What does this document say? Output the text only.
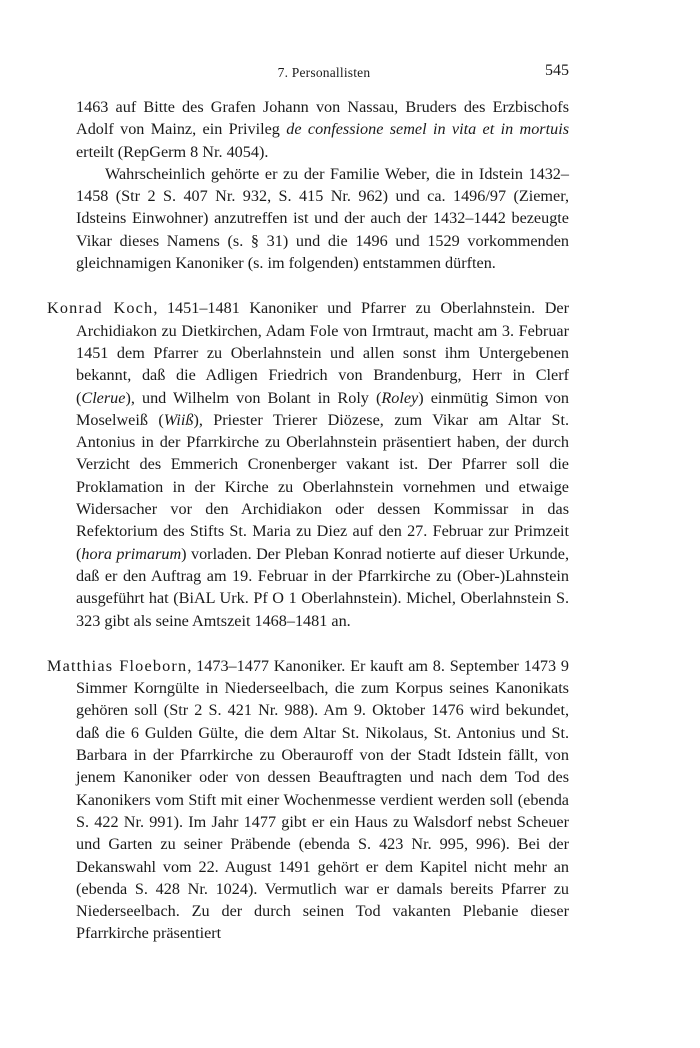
7. Personallisten	545

1463 auf Bitte des Grafen Johann von Nassau, Bruders des Erzbischofs Adolf von Mainz, ein Privileg de confessione semel in vita et in mortuis erteilt (RepGerm 8 Nr. 4054).

Wahrscheinlich gehörte er zu der Familie Weber, die in Idstein 1432–1458 (Str 2 S. 407 Nr. 932, S. 415 Nr. 962) und ca. 1496/97 (Ziemer, Idsteins Einwohner) anzutreffen ist und der auch der 1432–1442 bezeugte Vikar dieses Namens (s. § 31) und die 1496 und 1529 vorkommenden gleichnamigen Kanoniker (s. im folgenden) entstammen dürften.

Konrad Koch, 1451–1481 Kanoniker und Pfarrer zu Oberlahnstein. Der Archidiakon zu Dietkirchen, Adam Fole von Irmtraut, macht am 3. Februar 1451 dem Pfarrer zu Oberlahnstein und allen sonst ihm Untergebenen bekannt, daß die Adligen Friedrich von Brandenburg, Herr in Clerf (Clerue), und Wilhelm von Bolant in Roly (Roley) einmütig Simon von Moselweiß (Wiiß), Priester Trierer Diözese, zum Vikar am Altar St. Antonius in der Pfarrkirche zu Oberlahnstein präsentiert haben, der durch Verzicht des Emmerich Cronenberger vakant ist. Der Pfarrer soll die Proklamation in der Kirche zu Oberlahnstein vornehmen und etwaige Widersacher vor den Archidiakon oder dessen Kommissar in das Refektorium des Stifts St. Maria zu Diez auf den 27. Februar zur Primzeit (hora primarum) vorladen. Der Pleban Konrad notierte auf dieser Urkunde, daß er den Auftrag am 19. Februar in der Pfarrkirche zu (Ober-)Lahnstein ausgeführt hat (BiAL Urk. Pf O 1 Oberlahnstein). Michel, Oberlahnstein S. 323 gibt als seine Amtszeit 1468–1481 an.

Matthias Floeborn, 1473–1477 Kanoniker. Er kauft am 8. September 1473 9 Simmer Korngülte in Niederseelbach, die zum Korpus seines Kanonikats gehören soll (Str 2 S. 421 Nr. 988). Am 9. Oktober 1476 wird bekundet, daß die 6 Gulden Gülte, die dem Altar St. Nikolaus, St. Antonius und St. Barbara in der Pfarrkirche zu Oberauroff von der Stadt Idstein fällt, von jenem Kanoniker oder von dessen Beauftragten und nach dem Tod des Kanonikers vom Stift mit einer Wochenmesse verdient werden soll (ebenda S. 422 Nr. 991). Im Jahr 1477 gibt er ein Haus zu Walsdorf nebst Scheuer und Garten zu seiner Präbende (ebenda S. 423 Nr. 995, 996). Bei der Dekanswahl vom 22. August 1491 gehört er dem Kapitel nicht mehr an (ebenda S. 428 Nr. 1024). Vermutlich war er damals bereits Pfarrer zu Niederseelbach. Zu der durch seinen Tod vakanten Plebanie dieser Pfarrkirche präsentiert
